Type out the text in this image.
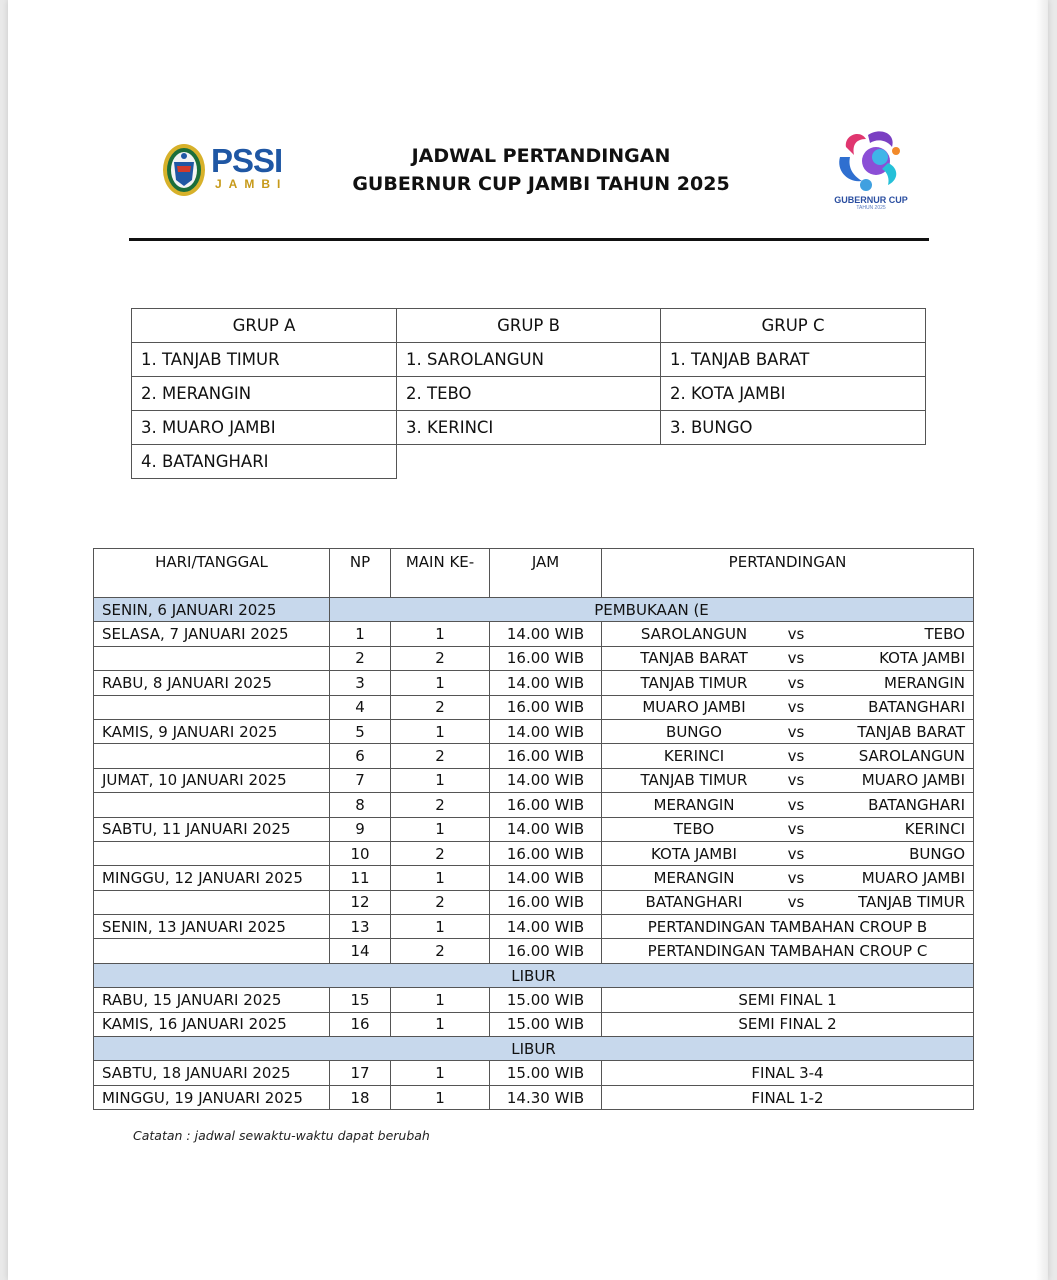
PSSI
JAMBI
JADWAL PERTANDINGAN
GUBERNUR CUP JAMBI TAHUN 2025
GUBERNUR CUP
TAHUN 2025
GRUP A	GRUP B	GRUP C
1. TANJAB TIMUR	1. SAROLANGUN	1. TANJAB BARAT
2. MERANGIN	2. TEBO	2. KOTA JAMBI
3. MUARO JAMBI	3. KERINCI	3. BUNGO
4. BATANGHARI		
HARI/TANGGAL	NP	MAIN KE-	JAM	PERTANDINGAN
SENIN, 6 JANUARI 2025	PEMBUKAAN (E			
SELASA, 7 JANUARI 2025	1	1	14.00 WIB	SAROLANGUN vs TEBO

	2	2	16.00 WIB	TANJAB BARAT vs KOTA JAMBI

RABU, 8 JANUARI 2025	3	1	14.00 WIB	TANJAB TIMUR vs MERANGIN

	4	2	16.00 WIB	MUARO JAMBI vs BATANGHARI

KAMIS, 9 JANUARI 2025	5	1	14.00 WIB	BUNGO vs TANJAB BARAT

	6	2	16.00 WIB	KERINCI vs SAROLANGUN

JUMAT, 10 JANUARI 2025	7	1	14.00 WIB	TANJAB TIMUR vs MUARO JAMBI

	8	2	16.00 WIB	MERANGIN vs BATANGHARI

SABTU, 11 JANUARI 2025	9	1	14.00 WIB	TEBO vs KERINCI

	10	2	16.00 WIB	KOTA JAMBI vs BUNGO

MINGGU, 12 JANUARI 2025	11	1	14.00 WIB	MERANGIN vs MUARO JAMBI

	12	2	16.00 WIB	BATANGHARI vs TANJAB TIMUR

SENIN, 13 JANUARI 2025	13	1	14.00 WIB	PERTANDINGAN TAMBAHAN CROUP B
	14	2	16.00 WIB	PERTANDINGAN TAMBAHAN CROUP C
LIBUR				
RABU, 15 JANUARI 2025	15	1	15.00 WIB	SEMI FINAL 1
KAMIS, 16 JANUARI 2025	16	1	15.00 WIB	SEMI FINAL 2
LIBUR				
SABTU, 18 JANUARI 2025	17	1	15.00 WIB	FINAL 3-4
MINGGU, 19 JANUARI 2025	18	1	14.30 WIB	FINAL 1-2
Catatan : jadwal sewaktu-waktu dapat berubah
